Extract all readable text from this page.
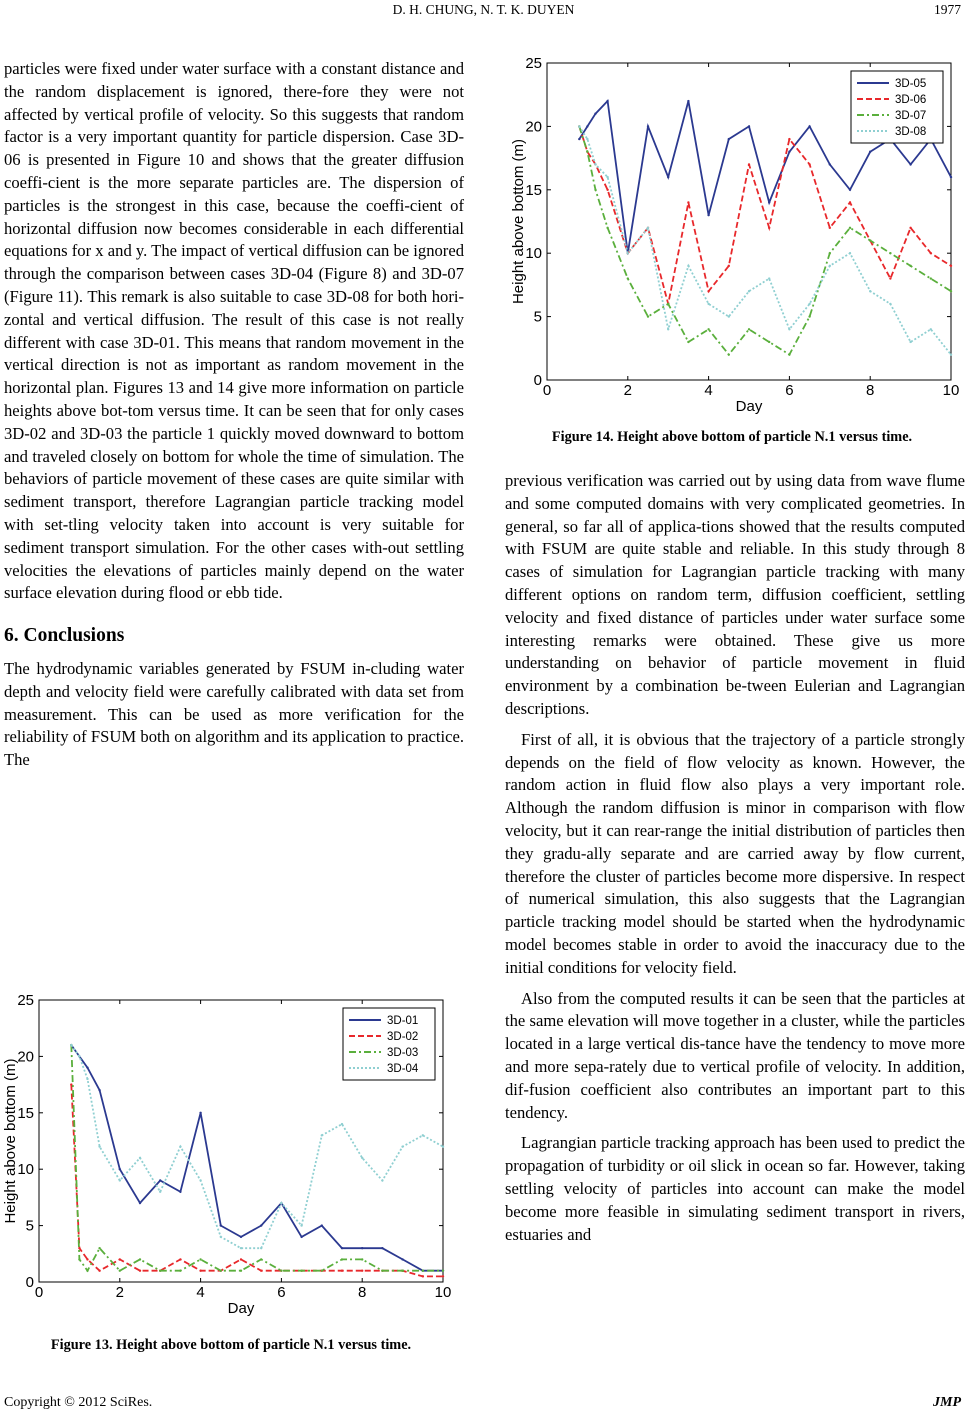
D. H. CHUNG, N. T. K. DUYEN	1977

particles were fixed under water surface with a constant distance and the random displacement is ignored, there-fore they were not affected by vertical profile of velocity. So this suggests that random factor is a very important quantity for particle dispersion. Case 3D-06 is presented in Figure 10 and shows that the greater diffusion coeffi-cient is the more separate particles are. The dispersion of particles is the strongest in this case, because the coeffi-cient of horizontal diffusion now becomes considerable in each differential equations for x and y. The impact of vertical diffusion can be ignored through the comparison between cases 3D-04 (Figure 8) and 3D-07 (Figure 11). This remark is also suitable to case 3D-08 for both hori-zontal and vertical diffusion. The result of this case is not really different with case 3D-01. This means that random movement in the vertical direction is not as important as random movement in the horizontal plan. Figures 13 and 14 give more information on particle heights above bot-tom versus time. It can be seen that for only cases 3D-02 and 3D-03 the particle 1 quickly moved downward to bottom and traveled closely on bottom for whole the time of simulation. The behaviors of particle movement of these cases are quite similar with sediment transport, therefore Lagrangian particle tracking model with set-tling velocity taken into account is very suitable for sediment transport simulation. For the other cases with-out settling velocities the elevations of particles mainly depend on the water surface elevation during flood or ebb tide.

6. Conclusions

The hydrodynamic variables generated by FSUM in-cluding water depth and velocity field were carefully calibrated with data set from measurement. This can be used as more verification for the reliability of FSUM both on algorithm and its application to practice. The

0	2	4	6	8	10
0
5
10
15
20
25
Day
Height above bottom (m)
3D-01
3D-02
3D-03
3D-04
Figure 13. Height above bottom of particle N.1 versus time.
0	2	4	6	8	10
0
5
10
15
20
25
Day
Height above bottom (m)
3D-05
3D-06
3D-07
3D-08
Figure 14. Height above bottom of particle N.1 versus time.

previous verification was carried out by using data from wave flume and some computed domains with very complicated geometries. In general, so far all of applica-tions showed that the results computed with FSUM are quite stable and reliable. In this study through 8 cases of simulation for Lagrangian particle tracking with many different options on random term, diffusion coefficient, settling velocity and fixed distance of particles under water surface some interesting remarks were obtained. These give us more understanding on behavior of particle movement in fluid environment by a combination be-tween Eulerian and Lagrangian descriptions.

First of all, it is obvious that the trajectory of a particle strongly depends on the field of flow velocity as known. However, the random action in fluid flow also plays a very important role. Although the random diffusion is minor in comparison with flow velocity, but it can rear-range the initial distribution of particles then they gradu-ally separate and are carried away by flow current, therefore the cluster of particles become more dispersive. In respect of numerical simulation, this also suggests that the Lagrangian particle tracking model should be started when the hydrodynamic model becomes stable in order to avoid the inaccuracy due to the initial conditions for velocity field.

Also from the computed results it can be seen that the particles at the same elevation will move together in a cluster, while the particles located in a large vertical dis-tance have the tendency to move more and more sepa-rately due to vertical profile of velocity. In addition, dif-fusion coefficient also contributes an important part to this tendency.

Lagrangian particle tracking approach has been used to predict the propagation of turbidity or oil slick in ocean so far. However, taking settling velocity of particles into account can make the model become more feasible in simulating sediment transport in rivers, estuaries and

Copyright © 2012 SciRes.	JMP
